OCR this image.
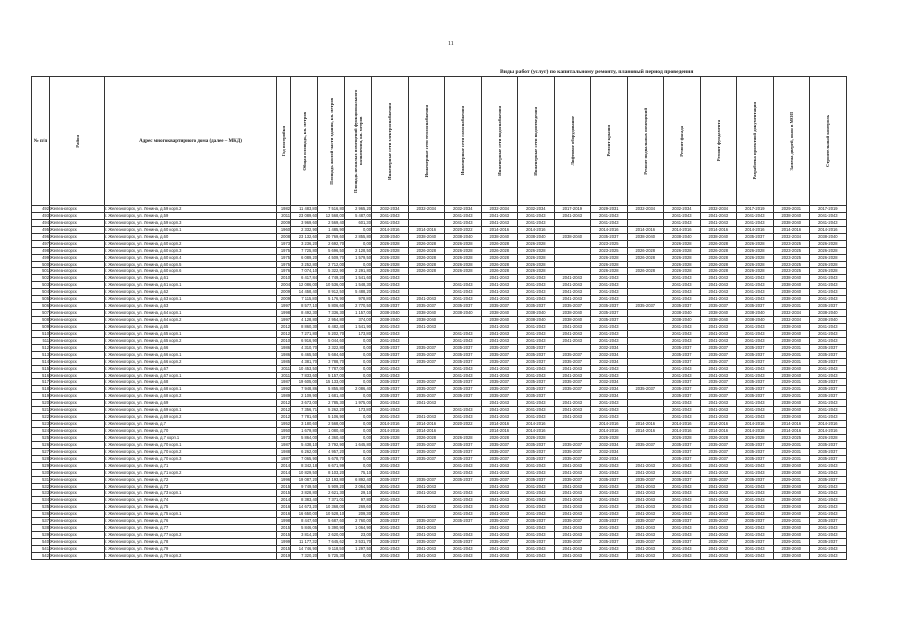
11
Виды работ (услуг) по капитальному ремонту, плановый период проведения
№ п/п	Район	Адрес многоквартирного дома (далее – МКД)	Год постройки	Общая площадь, кв. метров	Площадь жилой части здания, кв. метров	Площадь нежилых помещений функционального назначения, кв. метров	Инженерные сети электроснабжения	Инженерные сети теплоснабжения	Инженерные сети газоснабжения	Инженерные сети водоснабжения	Инженерные сети водоотведения	Лифтовое оборудование	Ремонт крыши	Ремонт подвальных помещений	Ремонт фасада	Ремонт фундамента	Разработка проектной документации	Замена дверей, окон в МОП	Строительный контроль

492	Железногорск	г. Железногорск, ул. Ленина, д.59 корп.2	1982	11 483,80	7 516,80	2 965,20	2032-2034	2032-2034	2032-2034	2032-2034	2032-2034	2017-2019	2029-2031	2032-2034	2032-2034	2032-2034	2017-2019	2029-2031	2017-2019
493	Железногорск	г. Железногорск, ул. Ленина, д.59	2011	23 089,60	12 568,00	5 487,00	2041-2043		2041-2043	2041-2043	2041-2043	2041-2043	2041-2043		2041-2043	2041-2043	2041-2043	2038-2040	2041-2043
494	Железногорск	г. Железногорск, ул. Ленина, д.59 корп.3	2009	3 969,60	2 569,40	601,30	2041-2043		2041-2043	2041-2043	2041-2043		2041-2043		2041-2043	2041-2043	2041-2043	2038-2040	2041-2043
495	Железногорск	г. Железногорск, ул. Ленина, д.60 корп.1	1960	2 332,90	1 485,90	0,00	2014-2016	2014-2016	2020-2022	2014-2016	2014-2016		2014-2016	2014-2016	2014-2016	2014-2016	2014-2016	2014-2016	2014-2016
496	Железногорск	г. Железногорск, ул. Ленина, д.60	2008	23 132,60	20 769,60	2 855,80	2038-2040	2038-2040	2038-2040	2038-2040	2038-2040	2038-2040	2035-2037	2038-2040	2038-2040	2038-2040	2035-2037	2032-2034	2038-2040
497	Железногорск	г. Железногорск, ул. Ленина, д.60 корп.2	1973	3 236,20	2 692,70	0,00	2026-2028	2026-2028	2026-2028	2026-2028	2026-2028		2023-2025		2026-2028	2026-2028	2026-2028	2023-2025	2026-2028
498	Железногорск	г. Железногорск, ул. Ленина, д.60 корп.3	1975	7 725,80	5 696,50	2 128,50	2026-2028	2026-2028	2026-2028	2026-2028	2026-2028		2023-2025	2026-2028	2026-2028	2026-2028	2026-2028	2023-2025	2026-2028
499	Железногорск	г. Железногорск, ул. Ленина, д.60 корп.4	1975	6 089,20	4 509,70	1 579,50	2026-2028	2026-2028	2026-2028	2026-2028	2026-2028		2026-2028	2026-2028	2026-2028	2026-2028	2026-2028	2023-2025	2026-2028
500	Железногорск	г. Железногорск, ул. Ленина, д.60 корп.5	1975	3 252,80	2 712,00	0,00	2026-2028	2026-2028	2026-2028	2026-2028	2026-2028		2026-2028		2026-2028	2026-2028	2026-2028	2023-2025	2026-2028
501	Железногорск	г. Железногорск, ул. Ленина, д.60 корп.6	1976	7 074,10	5 322,90	2 291,80	2026-2028	2026-2028	2026-2028	2026-2028	2026-2028		2026-2028	2026-2028	2026-2028	2026-2028	2026-2028	2023-2025	2026-2028
502	Железногорск	г. Железногорск, ул. Ленина, д.61	2010	6 417,84	4 749,20	1 541,60	2041-2043			2041-2043	2041-2043	2041-2043	2041-2043		2041-2043	2041-2043	2041-2043	2038-2040	2041-2043
503	Железногорск	г. Железногорск, ул. Ленина, д.61 корп.1	2004	12 086,00	10 536,00	1 548,30	2041-2043		2041-2043	2041-2043	2041-2043	2041-2043	2041-2043		2041-2043	2041-2043	2041-2043	2038-2040	2041-2043
504	Железногорск	г. Железногорск, ул. Ленина, д.62	2009	14 458,40	8 912,50	5 488,20	2041-2043		2041-2043	2041-2043	2041-2043	2041-2043	2041-2043		2041-2043	2041-2043	2041-2043	2038-2040	2041-2043
505	Железногорск	г. Железногорск, ул. Ленина, д.63 корп.1	2009	7 115,80	5 176,90	978,80	2041-2043	2041-2043	2041-2043	2041-2043	2041-2043	2041-2043	2041-2043		2041-2043	2041-2043	2041-2043	2038-2040	2041-2043
506	Железногорск	г. Железногорск, ул. Ленина, д.63	1997	8 577,10	5 806,60	2 770,50	2035-2037	2035-2037	2035-2037	2035-2037	2035-2037	2035-2037	2035-2037	2035-2037	2035-2037	2035-2037	2035-2037	2029-2031	2035-2037
507	Железногорск	г. Железногорск, ул. Ленина, д.64 корп.1	1998	8 492,30	7 336,30	1 157,00	2038-2040	2038-2040	2038-2040	2038-2040	2038-2040	2038-2040	2035-2037		2038-2040	2038-2040	2038-2040	2032-2034	2038-2040
508	Железногорск	г. Железногорск, ул. Ленина, д.64 корп.2	1997	4 128,80	2 954,80	374,00	2038-2040	2038-2040		2038-2040	2038-2040	2038-2040	2035-2037		2038-2040	2038-2040	2038-2040	2032-2034	2038-2040
509	Железногорск	г. Железногорск, ул. Ленина, д.65	2012	8 860,30	6 482,40	1 541,90	2041-2043	2041-2043		2041-2043	2041-2043	2041-2043	2041-2043		2041-2043	2041-2043	2041-2043	2038-2040	2041-2043
510	Железногорск	г. Железногорск, ул. Ленина, д.65 корп.1	2012	7 271,80	5 202,70	173,80	2041-2043		2041-2043	2041-2043	2041-2043	2041-2043	2041-2043		2041-2043	2041-2043	2041-2043	2038-2040	2041-2043
511	Железногорск	г. Железногорск, ул. Ленина, д.65 корп.2	2010	6 916,90	5 044,60	0,00	2041-2043		2041-2043	2041-2043	2041-2043	2041-2043	2041-2043		2041-2043	2041-2043	2041-2043	2038-2040	2041-2043
512	Железногорск	г. Железногорск, ул. Ленина, д.66	1986	4 310,70	3 322,80	0,00	2035-2037	2035-2037	2035-2037	2035-2037	2035-2037		2032-2034		2035-2037	2035-2037	2035-2037	2029-2031	2035-2037
513	Железногорск	г. Железногорск, ул. Ленина, д.66 корп.1	1986	6 465,50	5 684,60	0,00	2035-2037	2035-2037	2035-2037	2035-2037	2035-2037	2035-2037	2032-2034		2035-2037	2035-2037	2035-2037	2029-2031	2035-2037
514	Железногорск	г. Железногорск, ул. Ленина, д.66 корп.2	1985	4 381,70	3 788,70	0,00	2035-2037	2035-2037	2035-2037	2035-2037	2035-2037	2035-2037	2032-2034		2035-2037	2035-2037	2035-2037	2029-2031	2035-2037
515	Железногорск	г. Железногорск, ул. Ленина, д.67	2011	10 453,50	7 787,00	0,00	2041-2043		2041-2043	2041-2043	2041-2043	2041-2043	2041-2043		2041-2043	2041-2043	2041-2043	2038-2040	2041-2043
516	Железногорск	г. Железногорск, ул. Ленина, д.67 корп.1	2011	7 833,60	5 157,00	0,00	2041-2043		2041-2043	2041-2043	2041-2043	2041-2043	2041-2043		2041-2043	2041-2043	2041-2043	2038-2040	2041-2043
517	Железногорск	г. Железногорск, ул. Ленина, д.68	1987	19 605,00	15 133,00	0,00	2035-2037	2035-2037	2035-2037	2035-2037	2035-2037	2035-2037	2032-2034		2035-2037	2035-2037	2035-2037	2029-2031	2035-2037
518	Железногорск	г. Железногорск, ул. Ленина, д.68 корп.1	1992	7 948,86	5 855,80	2 086,40	2035-2037	2035-2037	2035-2037	2035-2037	2035-2037	2035-2037	2032-2034	2035-2037	2035-2037	2035-2037	2035-2037	2029-2031	2035-2037
519	Железногорск	г. Железногорск, ул. Ленина, д.68 корп.2	1989	2 109,90	1 681,40	0,00	2035-2037	2035-2037	2035-2037	2035-2037	2035-2037		2032-2034		2035-2037	2035-2037	2035-2037	2029-2031	2035-2037
520	Железногорск	г. Железногорск, ул. Ленина, д.69	2012	3 673,00	2 785,30	1 975,00	2041-2043	2041-2043		2041-2043	2041-2043	2041-2043	2041-2043		2041-2043	2041-2043	2041-2043	2038-2040	2041-2043
521	Железногорск	г. Железногорск, ул. Ленина, д.69 корп.1	2012	7 356,71	5 262,20	173,80	2041-2043		2041-2043	2041-2043	2041-2043	2041-2043	2041-2043		2041-2043	2041-2043	2041-2043	2038-2040	2041-2043
522	Железногорск	г. Железногорск, ул. Ленина, д.69 корп.2	2012	7 781,60	5 106,90	0,00	2041-2043	2041-2043	2041-2043	2041-2043	2041-2043	2041-2043	2041-2043		2041-2043	2041-2043	2041-2043	2038-2040	2041-2043
523	Железногорск	г. Железногорск, ул. Ленина, д.7	1952	3 180,60	2 568,00	0,00	2014-2016	2014-2016	2020-2022	2014-2016	2014-2016		2014-2016	2014-2016	2014-2016	2014-2016	2014-2016	2014-2016	2014-2016
524	Железногорск	г. Железногорск, ул. Ленина, д.70	1950	1 679,80	1 080,40	0,00	2014-2016	2014-2016		2014-2016	2014-2016		2014-2016	2014-2016	2014-2016	2014-2016	2014-2016	2014-2016	2014-2016
525	Железногорск	г. Железногорск, ул. Ленина, д.7 корп.1	1973	5 864,00	4 360,40	0,00	2026-2028	2026-2028	2026-2028	2026-2028	2026-2028		2026-2028		2026-2028	2026-2028	2026-2028	2023-2025	2026-2028
526	Железногорск	г. Железногорск, ул. Ленина, д.70 корп.1	1987	5 438,10	3 792,90	1 645,80	2035-2037	2035-2037	2035-2037	2035-2037	2035-2037	2035-2037	2032-2034	2035-2037	2035-2037	2035-2037	2035-2037	2029-2031	2035-2037
527	Железногорск	г. Железногорск, ул. Ленина, д.70 корп.2	1988	6 262,00	4 957,20	0,00	2035-2037	2035-2037	2035-2037	2035-2037	2035-2037	2035-2037	2032-2034		2035-2037	2035-2037	2035-2037	2029-2031	2035-2037
528	Железногорск	г. Железногорск, ул. Ленина, д.70 корп.3	1987	7 065,90	5 678,70	0,00	2035-2037	2035-2037	2035-2037	2035-2037	2035-2037	2035-2037	2032-2034		2035-2037	2035-2037	2035-2037	2029-2031	2035-2037
529	Железногорск	г. Железногорск, ул. Ленина, д.71	2014	8 342,18	6 671,99	0,00	2041-2043		2041-2043	2041-2043	2041-2043	2041-2043	2041-2043	2041-2043	2041-2043	2041-2043	2041-2043	2038-2040	2041-2043
530	Железногорск	г. Железногорск, ул. Ленина, д.71 корп.2	2014	10 829,50	8 103,20	75,10	2041-2043		2041-2043	2041-2043	2041-2043	2041-2043	2041-2043	2041-2043	2041-2043	2041-2043	2041-2043	2038-2040	2041-2043
531	Железногорск	г. Железногорск, ул. Ленина, д.72	1996	19 087,20	12 193,80	6 892,40	2035-2037	2035-2037	2035-2037	2035-2037	2035-2037	2035-2037	2035-2037	2035-2037	2035-2037	2035-2037	2035-2037	2029-2031	2035-2037
532	Железногорск	г. Железногорск, ул. Ленина, д.73	2015	9 749,50	5 909,20	2 064,50	2041-2043	2041-2043		2041-2043	2041-2043	2041-2043	2041-2043	2041-2043	2041-2043	2041-2043	2041-2043	2038-2040	2041-2043
533	Железногорск	г. Железногорск, ул. Ленина, д.73 корп.1	2015	3 828,80	2 621,30	29,10	2041-2043	2041-2043	2041-2043	2041-2043	2041-2043	2041-2043	2041-2043	2041-2043	2041-2043	2041-2043	2041-2043	2038-2040	2041-2043
534	Железногорск	г. Железногорск, ул. Ленина, д.74	2014	8 383,40	7 371,01	97,80	2041-2043		2041-2043	2041-2043	2041-2043	2041-2043	2041-2043	2041-2043	2041-2043	2041-2043	2041-2043	2038-2040	2041-2043
535	Железногорск	г. Железногорск, ул. Ленина, д.75	2016	14 673,20	10 368,00	269,60	2041-2043	2041-2043	2041-2043	2041-2043	2041-2043	2041-2043	2041-2043	2041-2043	2041-2043	2041-2043	2041-2043	2038-2040	2041-2043
536	Железногорск	г. Железногорск, ул. Ленина, д.75 корп.1	2016	16 650,00	10 528,10	209,30	2041-2043		2041-2043	2041-2043	2041-2043	2041-2043	2041-2043	2041-2043	2041-2043	2041-2043	2041-2043	2038-2040	2041-2043
537	Железногорск	г. Железногорск, ул. Ленина, д.76	1998	8 447,60	5 687,60	2 760,00	2035-2037	2035-2037	2035-2037	2035-2037	2035-2037	2035-2037	2035-2037	2035-2037	2035-2037	2035-2037	2035-2037	2029-2031	2035-2037
538	Железногорск	г. Железногорск, ул. Ленина, д.77	2015	5 846,05	5 390,90	1 064,90	2041-2043	2041-2043		2041-2043	2041-2043	2041-2043	2041-2043	2041-2043	2041-2043	2041-2043	2041-2043	2038-2040	2041-2043
539	Железногорск	г. Железногорск, ул. Ленина, д.77 корп.2	2015	3 814,20	2 620,00	23,00	2041-2043	2041-2043	2041-2043	2041-2043	2041-2043	2041-2043	2041-2043	2041-2043	2041-2043	2041-2043	2041-2043	2038-2040	2041-2043
540	Железногорск	г. Железногорск, ул. Ленина, д.78	1999	11 177,32	7 645,62	3 531,70	2035-2037	2035-2037	2035-2037	2035-2037	2035-2037	2035-2037	2035-2037	2035-2037	2035-2037	2035-2037	2035-2037	2029-2031	2035-2037
541	Железногорск	г. Железногорск, ул. Ленина, д.79	2015	14 746,90	9 118,50	1 297,50	2041-2043	2041-2043	2041-2043	2041-2043	2041-2043	2041-2043	2041-2043	2041-2043	2041-2043	2041-2043	2041-2043	2038-2040	2041-2043
542	Железногорск	г. Железногорск, ул. Ленина, д.79 корп.2	2019	7 320,20	5 725,30	0,00	2041-2043	2041-2043	2041-2043	2041-2043	2041-2043	2041-2043	2041-2043	2041-2043	2041-2043	2041-2043	2041-2043	2038-2040	2041-2043
